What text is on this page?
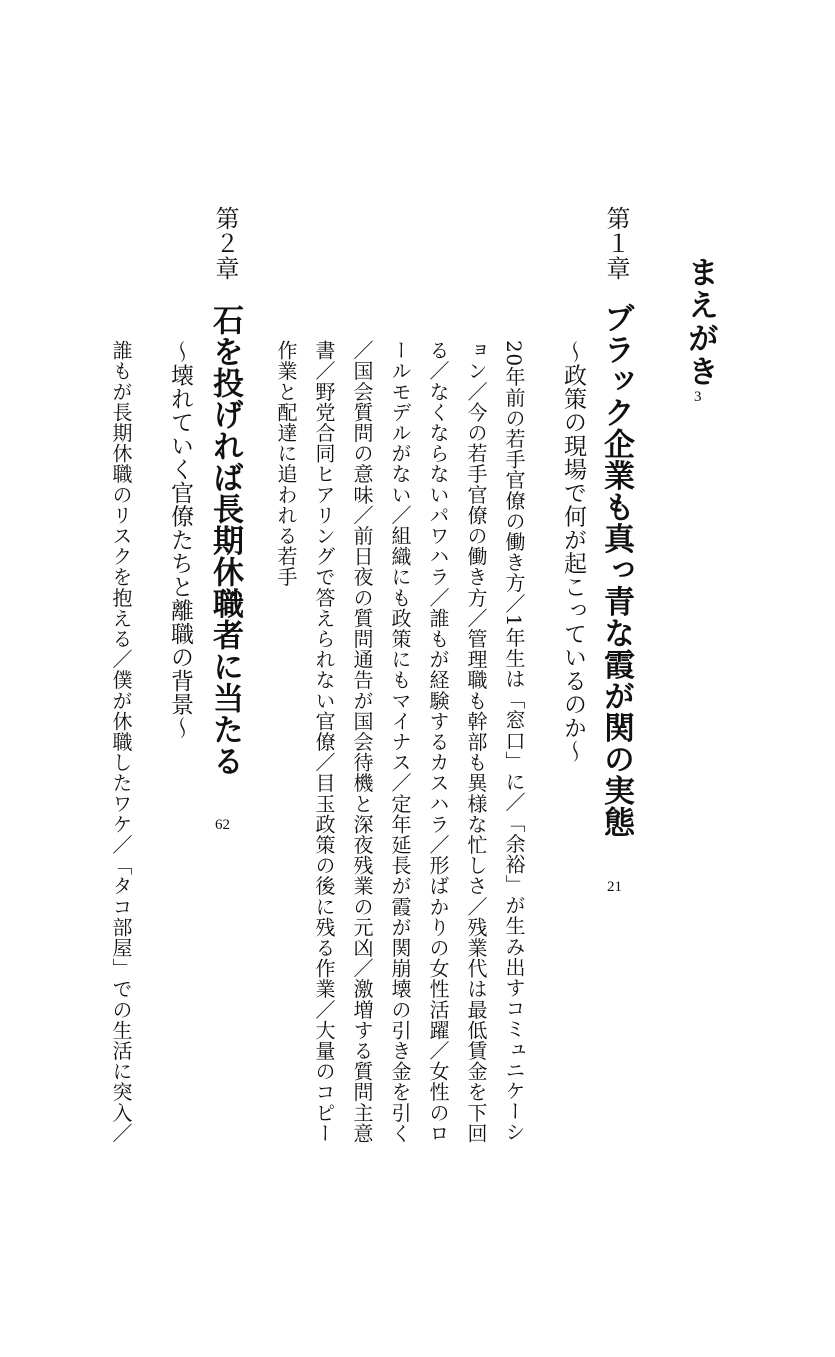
まえがき
3
第１章
ブラック企業も真っ青な霞が関の実態
〜政策の現場で何が起こっているのか〜
21
20年前の若手官僚の働き方／1年生は「窓口」に／「余裕」が生み出すコミュニケーシ
ョン／今の若手官僚の働き方／管理職も幹部も異様な忙しさ／残業代は最低賃金を下回
る／なくならないパワハラ／誰もが経験するカスハラ／形ばかりの女性活躍／女性のロ
ールモデルがない／組織にも政策にもマイナス／定年延長が霞が関崩壊の引き金を引く
／国会質問の意味／前日夜の質問通告が国会待機と深夜残業の元凶／激増する質問主意
書／野党合同ヒアリングで答えられない官僚／目玉政策の後に残る作業／大量のコピー
作業と配達に追われる若手
第２章
石を投げれば長期休職者に当たる
〜壊れていく官僚たちと離職の背景〜
62
誰もが長期休職のリスクを抱える／僕が休職したワケ／「タコ部屋」での生活に突入／
